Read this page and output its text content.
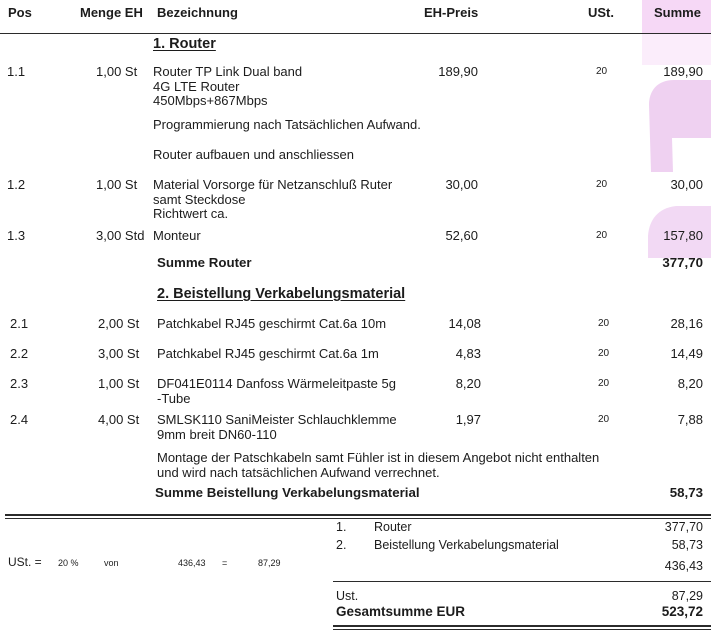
Pos	Menge EH Bezeichnung	EH-Preis	USt.	Summe
1. Router
1.1	1,00 St Router TP Link Dual band
4G LTE Router
450Mbps+867Mbps
189,90	20	189,90
Programmierung nach Tatsächlichen Aufwand.
Router aufbauen und anschliessen
1.2	1,00 St Material Vorsorge für Netzanschluß Ruter
samt Steckdose
Richtwert ca.
30,00	20	30,00
1.3	3,00 Std Monteur	52,60	20	157,80
Summe Router	377,70
2. Beistellung Verkabelungsmaterial
2.1	2,00 St Patchkabel RJ45 geschirmt Cat.6a 10m	14,08	20	28,16
2.2	3,00 St Patchkabel RJ45 geschirmt Cat.6a 1m	4,83	20	14,49
2.3	1,00 St DF041E0114 Danfoss Wärmeleitpaste 5g
-Tube
8,20	20	8,20
2.4	4,00 St SMLSK110 SaniMeister Schlauchklemme
9mm breit DN60-110
1,97	20	7,88
Montage der Patschkabeln samt Fühler ist in diesem Angebot nicht enthalten
und wird nach tatsächlichen Aufwand verrechnet.
Summe Beistellung Verkabelungsmaterial	58,73
1. Router	377,70
2. Beistellung Verkabelungsmaterial	58,73
436,43
USt. = 20 %	von	436,43 =	87,29
Ust.	87,29
Gesamtsumme EUR	523,72
